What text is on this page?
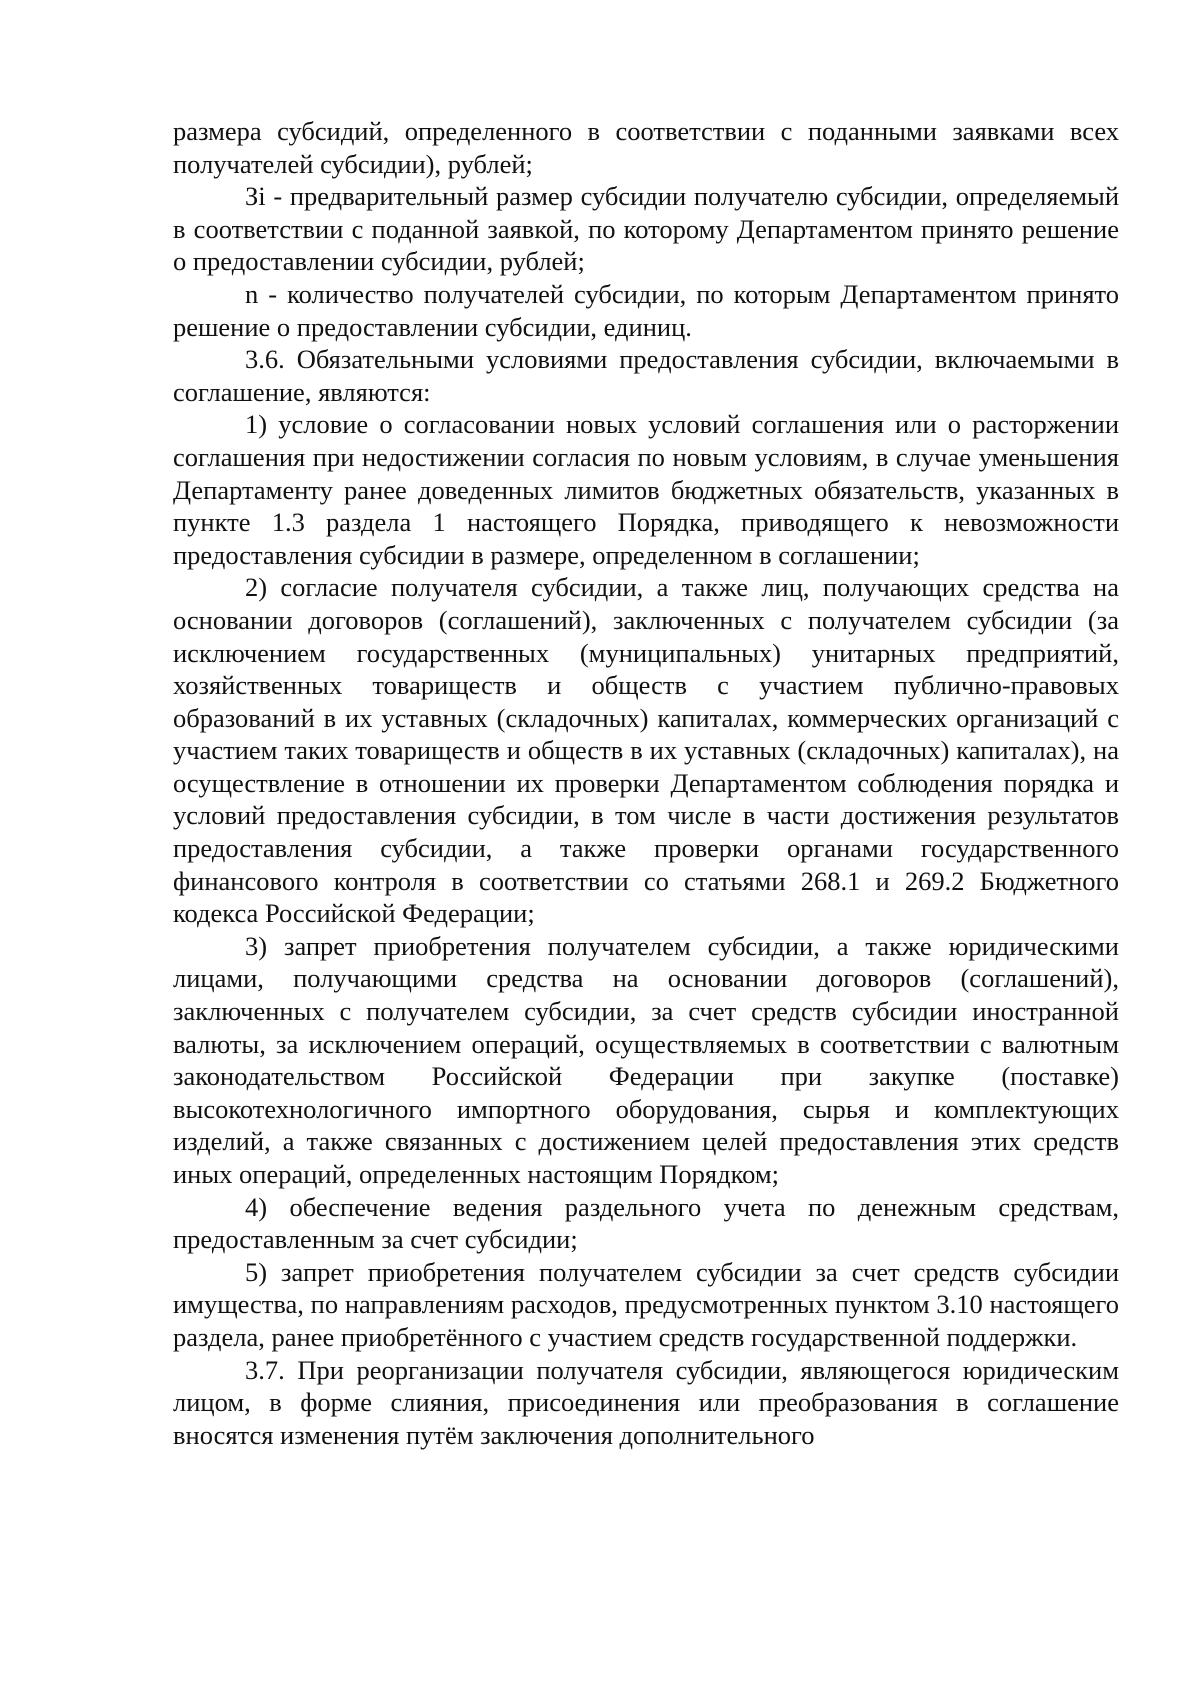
размера субсидий, определенного в соответствии с поданными заявками всех получателей субсидии), рублей;

Зi - предварительный размер субсидии получателю субсидии, определяемый в соответствии с поданной заявкой, по которому Департаментом принято решение о предоставлении субсидии, рублей;

n - количество получателей субсидии, по которым Департаментом принято решение о предоставлении субсидии, единиц.

3.6. Обязательными условиями предоставления субсидии, включаемыми в соглашение, являются:

1) условие о согласовании новых условий соглашения или о расторжении соглашения при недостижении согласия по новым условиям, в случае уменьшения Департаменту ранее доведенных лимитов бюджетных обязательств, указанных в пункте 1.3 раздела 1 настоящего Порядка, приводящего к невозможности предоставления субсидии в размере, определенном в соглашении;

2) согласие получателя субсидии, а также лиц, получающих средства на основании договоров (соглашений), заключенных с получателем субсидии (за исключением государственных (муниципальных) унитарных предприятий, хозяйственных товариществ и обществ с участием публично-правовых образований в их уставных (складочных) капиталах, коммерческих организаций с участием таких товариществ и обществ в их уставных (складочных) капиталах), на осуществление в отношении их проверки Департаментом соблюдения порядка и условий предоставления субсидии, в том числе в части достижения результатов предоставления субсидии, а также проверки органами государственного финансового контроля в соответствии со статьями 268.1 и 269.2 Бюджетного кодекса Российской Федерации;

3) запрет приобретения получателем субсидии, а также юридическими лицами, получающими средства на основании договоров (соглашений), заключенных с получателем субсидии, за счет средств субсидии иностранной валюты, за исключением операций, осуществляемых в соответствии с валютным законодательством Российской Федерации при закупке (поставке) высокотехнологичного импортного оборудования, сырья и комплектующих изделий, а также связанных с достижением целей предоставления этих средств иных операций, определенных настоящим Порядком;

4) обеспечение ведения раздельного учета по денежным средствам, предоставленным за счет субсидии;

5) запрет приобретения получателем субсидии за счет средств субсидии имущества, по направлениям расходов, предусмотренных пунктом 3.10 настоящего раздела, ранее приобретённого с участием средств государственной поддержки.

3.7. При реорганизации получателя субсидии, являющегося юридическим лицом, в форме слияния, присоединения или преобразования в соглашение вносятся изменения путём заключения дополнительного
